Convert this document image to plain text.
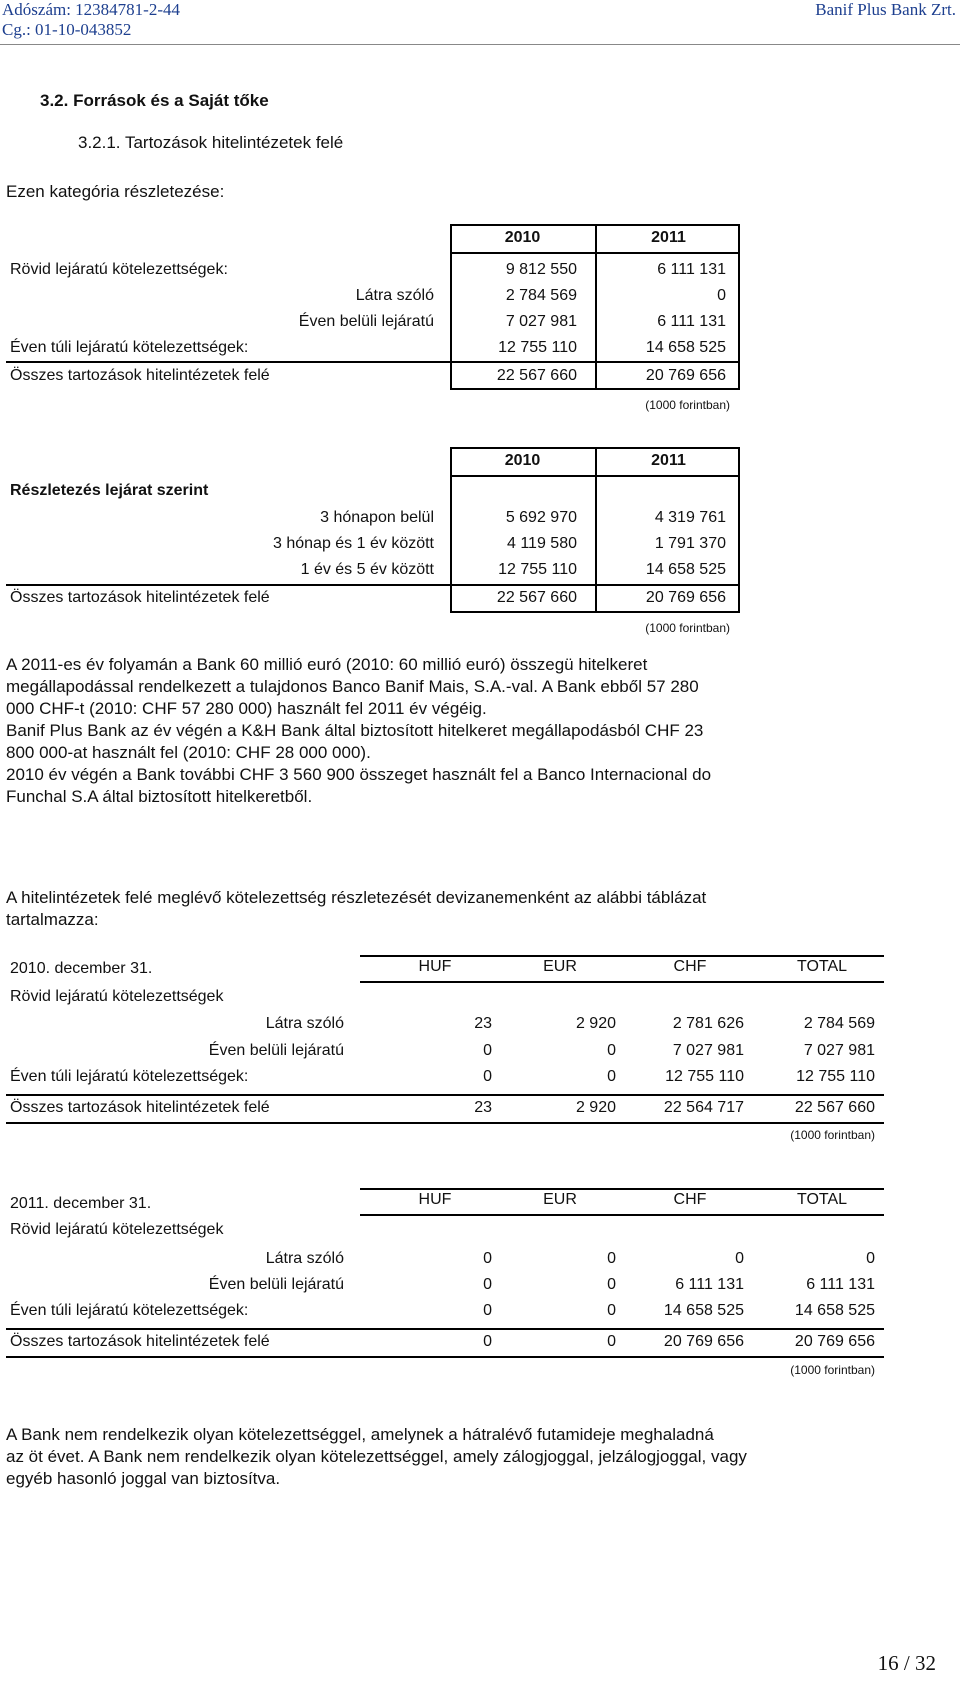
Adószám: 12384781-2-44
Cg.: 01-10-043852
Banif Plus Bank Zrt.
3.2. Források és a Saját tőke
3.2.1. Tartozások hitelintézetek felé
Ezen kategória részletezése:
2010	2011
Rövid lejáratú kötelezettségek:	9 812 550	6 111 131
Látra szóló	2 784 569	0
Éven belüli lejáratú	7 027 981	6 111 131
Éven túli lejáratú kötelezettségek:	12 755 110	14 658 525
Összes tartozások hitelintézetek felé	22 567 660	20 769 656
(1000 forintban)
2010	2011
Részletezés lejárat szerint
3 hónapon belül	5 692 970	4 319 761
3 hónap és 1 év között	4 119 580	1 791 370
1 év és 5 év között	12 755 110	14 658 525
Összes tartozások hitelintézetek felé	22 567 660	20 769 656
(1000 forintban)
A 2011-es év folyamán a Bank 60 millió euró (2010: 60 millió euró) összegü hitelkeret
megállapodással rendelkezett a tulajdonos Banco Banif Mais, S.A.-val. A Bank ebből 57 280
000 CHF-t (2010: CHF 57 280 000) használt fel 2011 év végéig.
Banif Plus Bank az év végén a K&H Bank által biztosított hitelkeret megállapodásból CHF 23
800 000-at használt fel (2010: CHF 28 000 000).
2010 év végén a Bank további CHF 3 560 900 összeget használt fel a Banco Internacional do
Funchal S.A által biztosított hitelkeretből.
A hitelintézetek felé meglévő kötelezettség részletezését devizanemenként az alábbi táblázat
tartalmazza:
2010. december 31.	HUF	EUR	CHF	TOTAL
Rövid lejáratú kötelezettségek
Látra szóló	23	2 920	2 781 626	2 784 569
Éven belüli lejáratú	0	0	7 027 981	7 027 981
Éven túli lejáratú kötelezettségek:	0	0	12 755 110	12 755 110
Összes tartozások hitelintézetek felé	23	2 920	22 564 717	22 567 660
(1000 forintban)
2011. december 31.	HUF	EUR	CHF	TOTAL
Rövid lejáratú kötelezettségek
Látra szóló	0	0	0	0
Éven belüli lejáratú	0	0	6 111 131	6 111 131
Éven túli lejáratú kötelezettségek:	0	0	14 658 525	14 658 525
Összes tartozások hitelintézetek felé	0	0	20 769 656	20 769 656
(1000 forintban)
A Bank nem rendelkezik olyan kötelezettséggel, amelynek a hátralévő futamideje meghaladná
az öt évet. A Bank nem rendelkezik olyan kötelezettséggel, amely zálogjoggal, jelzálogjoggal, vagy
egyéb hasonló joggal van biztosítva.
16 / 32
